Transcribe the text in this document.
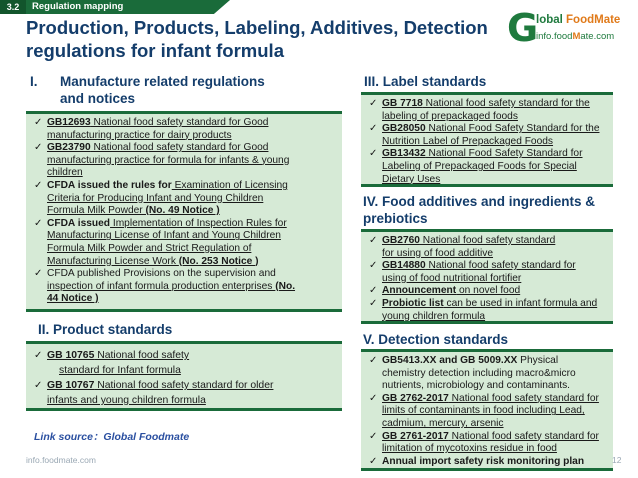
3.2	Regulation mapping
Production, Products, Labeling, Additives, Detection regulations for infant formula
G
lobal FoodMate
info.foodMate.com
I. Manufacture related regulations
and notices
✓ GB12693 National food safety standard for Good
manufacturing practice for dairy products
✓ GB23790 National food safety standard for Good
manufacturing practice for formula for infants & young
children
✓ CFDA issued the rules for Examination of Licensing
Criteria for Producing Infant and Young Children
Formula Milk Powder (No. 49 Notice )
✓ CFDA issued Implementation of Inspection Rules for
Manufacturing License of Infant and Young Children
Formula Milk Powder and Strict Regulation of
Manufacturing License Work (No. 253 Notice )
✓ CFDA published Provisions on the supervision and
inspection of infant formula production enterprises (No.
44 Notice )
II. Product standards
✓ GB 10765 National food safety
standard for Infant formula
✓ GB 10767 National food safety standard for older
infants and young children formula
Link source：Global Foodmate
III. Label standards
✓ GB 7718 National food safety standard for the
labeling of prepackaged foods
✓ GB28050 National Food Safety Standard for the
Nutrition Label of Prepackaged Foods
✓ GB13432 National Food Safety Standard for
Labeling of Prepackaged Foods for Special
Dietary Uses
IV. Food additives and ingredients &
prebiotics
✓ GB2760 National food safety standard
for using of food additive
✓ GB14880 National food safety standard for
using of food nutritional fortifier
✓ Announcement on novel food
✓ Probiotic list can be used in infant formula and
young children formula
V. Detection standards
✓ GB5413.XX and GB 5009.XX Physical
chemistry detection including macro&micro
nutrients, microbiology and contaminants.
✓ GB 2762-2017 National food safety standard for
limits of contaminants in food including Lead,
cadmium, mercury, arsenic
✓ GB 2761-2017 National food safety standard for
limitation of mycotoxins residue in food
✓ Annual import safety risk monitoring plan
info.foodmate.com	12
